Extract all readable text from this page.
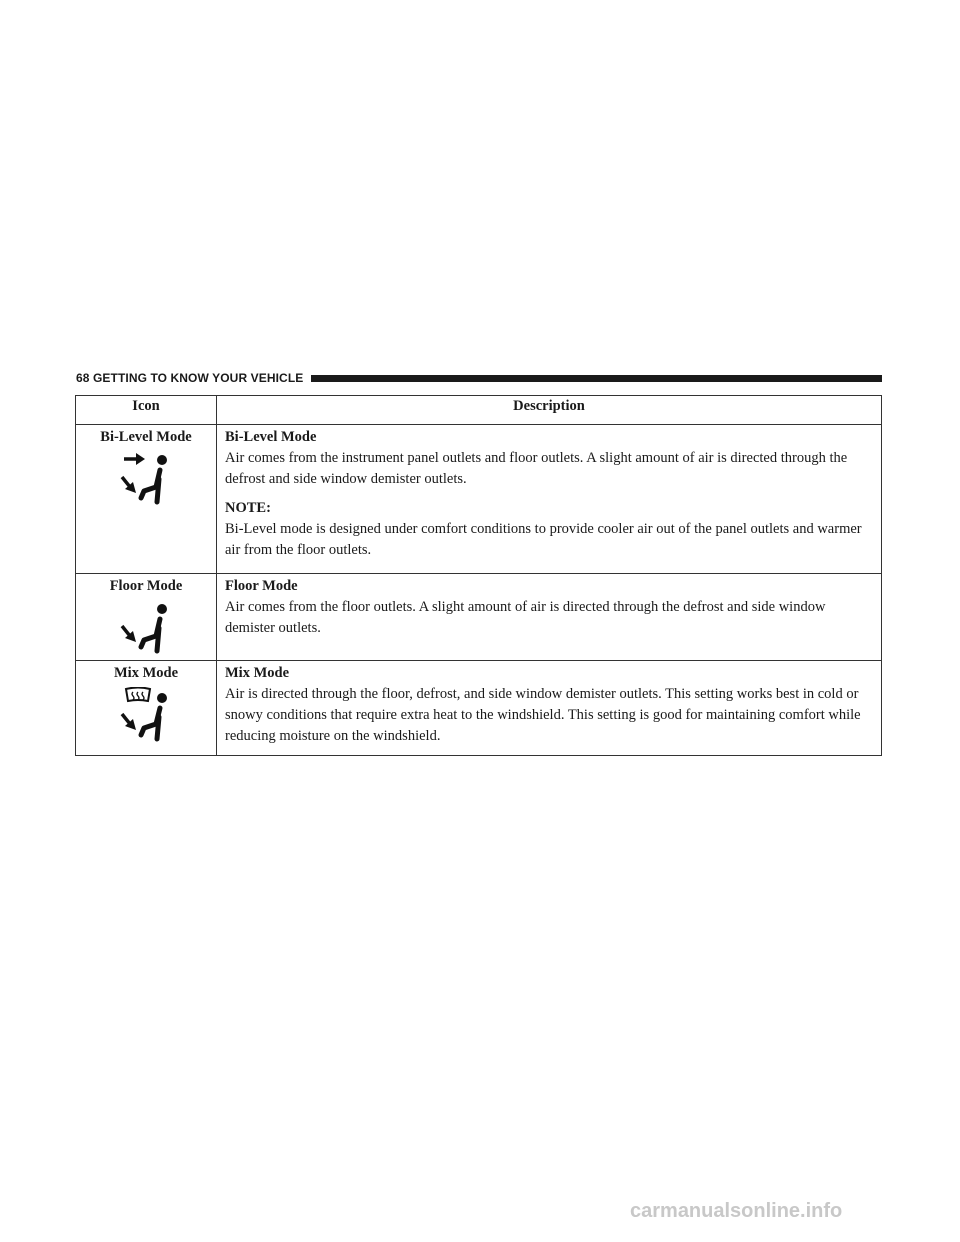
68 GETTING TO KNOW YOUR VEHICLE
Icon	Description

Bi-Level Mode	Bi-Level Mode
Air comes from the instrument panel outlets and floor outlets. A slight amount of air is directed through the defrost and side window demister outlets.
NOTE:
Bi-Level mode is designed under comfort conditions to provide cooler air out of the panel outlets and warmer air from the floor outlets.

Floor Mode	Floor Mode
Air comes from the floor outlets. A slight amount of air is directed through the defrost and side window demister outlets.

Mix Mode	Mix Mode
Air is directed through the floor, defrost, and side window demister outlets. This setting works best in cold or snowy conditions that require extra heat to the windshield. This setting is good for maintaining comfort while reducing moisture on the windshield.
carmanualsonline.info
